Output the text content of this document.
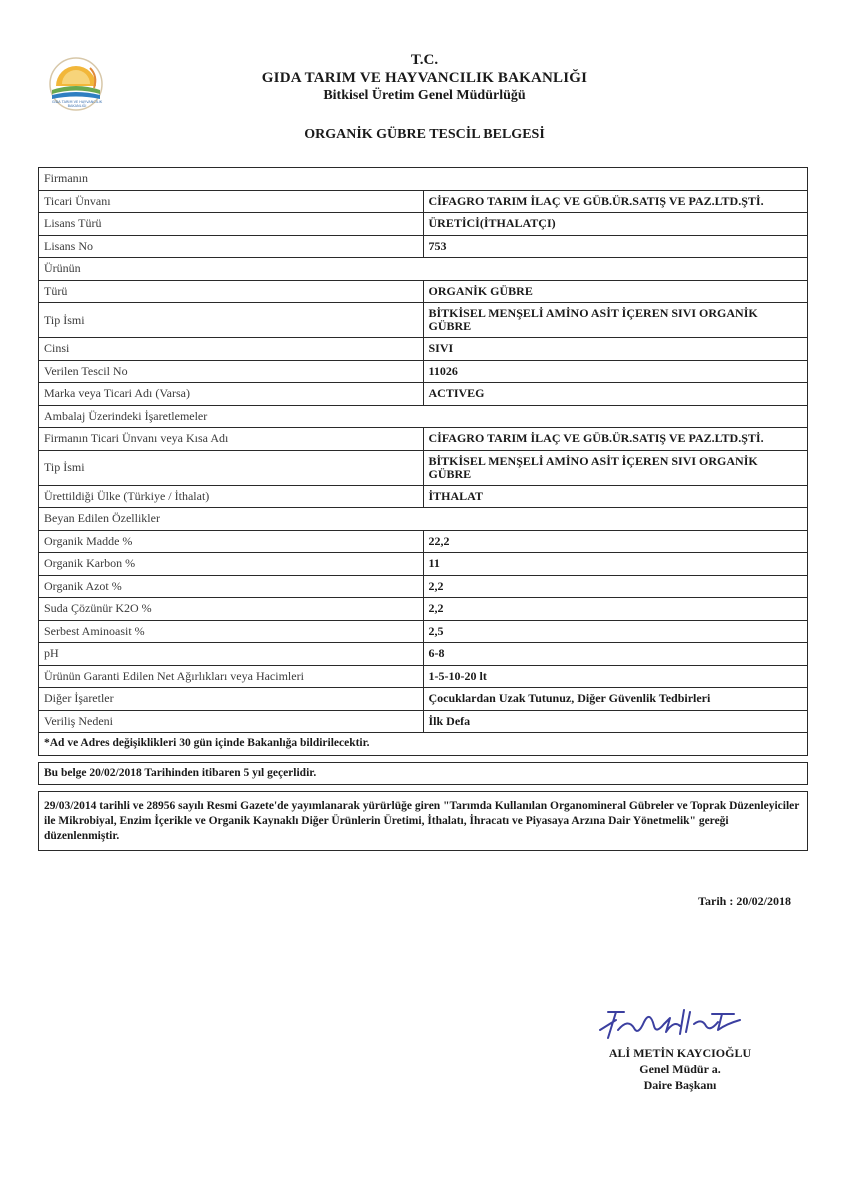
GIDA TARIM VE HAYVANCILIK BAKANLIĞI
T.C.
GIDA TARIM VE HAYVANCILIK BAKANLIĞI
Bitkisel Üretim Genel Müdürlüğü
ORGANİK GÜBRE TESCİL BELGESİ
Firmanın	
Ticari Ünvanı	CİFAGRO TARIM İLAÇ VE GÜB.ÜR.SATIŞ VE PAZ.LTD.ŞTİ.
Lisans Türü	ÜRETİCİ(İTHALATÇI)
Lisans No	753
Ürünün	
Türü	ORGANİK GÜBRE
Tip İsmi	BİTKİSEL MENŞELİ AMİNO ASİT İÇEREN SIVI ORGANİK GÜBRE
Cinsi	SIVI
Verilen Tescil No	11026
Marka veya Ticari Adı (Varsa)	ACTIVEG
Ambalaj Üzerindeki İşaretlemeler	
Firmanın Ticari Ünvanı veya Kısa Adı	CİFAGRO TARIM İLAÇ VE GÜB.ÜR.SATIŞ VE PAZ.LTD.ŞTİ.
Tip İsmi	BİTKİSEL MENŞELİ AMİNO ASİT İÇEREN SIVI ORGANİK GÜBRE
Ürettildiği Ülke (Türkiye / İthalat)	İTHALAT
Beyan Edilen Özellikler	
Organik Madde %	22,2
Organik Karbon %	11
Organik Azot %	2,2
Suda Çözünür K2O %	2,2
Serbest Aminoasit %	2,5
pH	6-8
Ürünün Garanti Edilen Net Ağırlıkları veya Hacimleri	1-5-10-20 lt
Diğer İşaretler	Çocuklardan Uzak Tutunuz, Diğer Güvenlik Tedbirleri
Veriliş Nedeni	İlk Defa
*Ad ve Adres değişiklikleri 30 gün içinde Bakanlığa bildirilecektir.	

Bu belge 20/02/2018 Tarihinden itibaren 5 yıl geçerlidir.	

29/03/2014 tarihli ve 28956 sayılı Resmi Gazete'de yayımlanarak yürürlüğe giren "Tarımda Kullanılan Organomineral Gübreler ve Toprak Düzenleyiciler ile Mikrobiyal, Enzim İçerikle ve Organik Kaynaklı Diğer Ürünlerin Üretimi, İthalatı, İhracatı ve Piyasaya Arzına Dair Yönetmelik" gereği düzenlenmiştir.	
Tarih : 20/02/2018
ALİ METİN KAYCIOĞLU
Genel Müdür a.
Daire Başkanı
